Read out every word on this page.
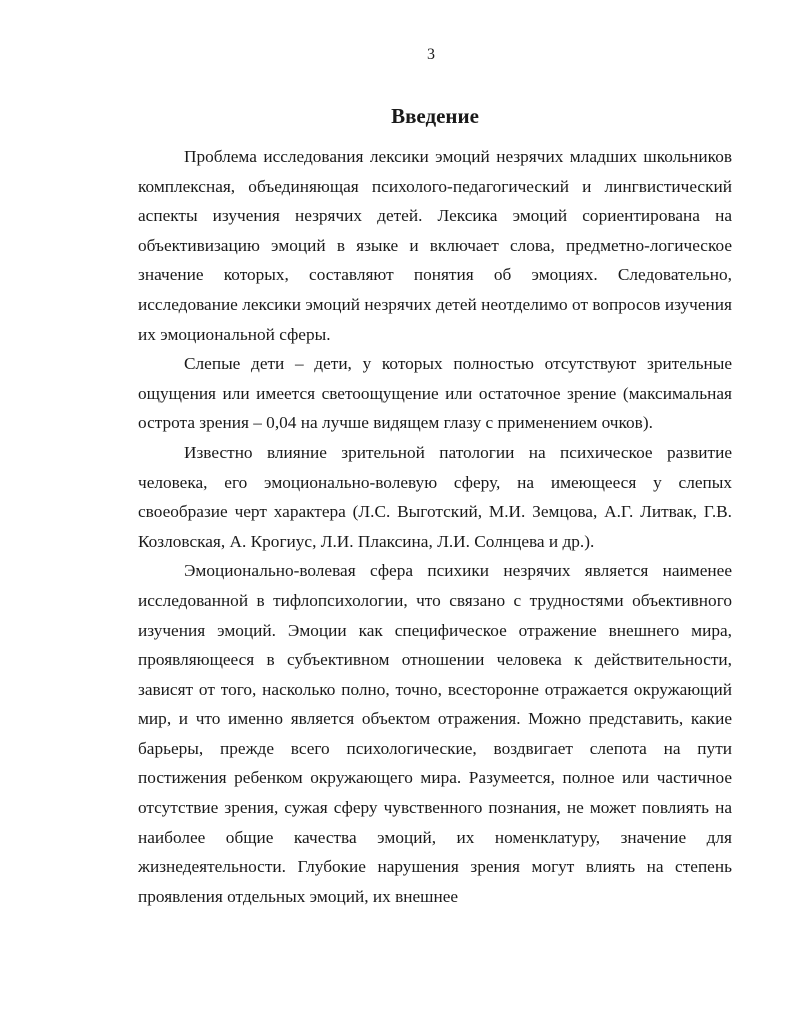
3
Введение

Проблема исследования лексики эмоций незрячих младших школьников комплексная, объединяющая психолого-педагогический и лингвистический аспекты изучения незрячих детей. Лексика эмоций сориентирована на объективизацию эмоций в языке и включает слова, предметно-логическое значение которых, составляют понятия об эмоциях. Следовательно, исследование лексики эмоций незрячих детей неотделимо от вопросов изучения их эмоциональной сферы.

Слепые дети – дети, у которых полностью отсутствуют зрительные ощущения или имеется светоощущение или остаточное зрение (максимальная острота зрения – 0,04 на лучше видящем глазу с применением очков).

Известно влияние зрительной патологии на психическое развитие человека, его эмоционально-волевую сферу, на имеющееся у слепых своеобразие черт характера (Л.С. Выготский, М.И. Земцова, А.Г. Литвак, Г.В. Козловская, А. Крогиус, Л.И. Плаксина, Л.И. Солнцева и др.).

Эмоционально-волевая сфера психики незрячих является наименее исследованной в тифлопсихологии, что связано с трудностями объективного изучения эмоций. Эмоции как специфическое отражение внешнего мира, проявляющееся в субъективном отношении человека к действительности, зависят от того, насколько полно, точно, всесторонне отражается окружающий мир, и что именно является объектом отражения. Можно представить, какие барьеры, прежде всего психологические, воздвигает слепота на пути постижения ребенком окружающего мира. Разумеется, полное или частичное отсутствие зрения, сужая сферу чувственного познания, не может повлиять на наиболее общие качества эмоций, их номенклатуру, значение для жизнедеятельности. Глубокие нарушения зрения могут влиять на степень проявления отдельных эмоций, их внешнее
